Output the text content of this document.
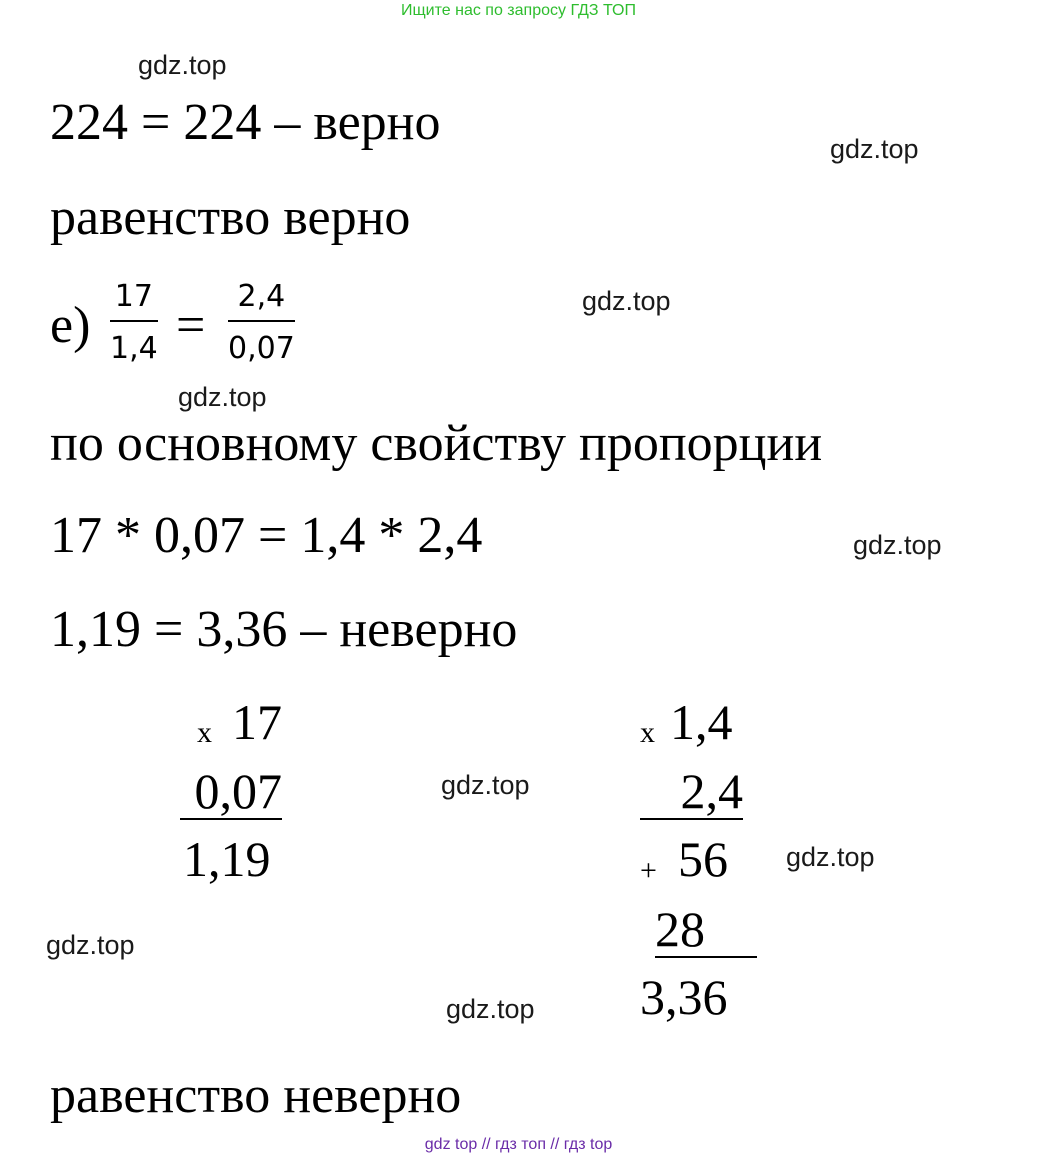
Ищите нас по запросу ГДЗ ТОП
gdz.top
gdz.top
gdz.top
gdz.top
gdz.top
gdz.top
gdz.top
gdz.top
gdz.top
224 = 224 – верно
равенство верно
е)
17
1,4 =
2,4
0,07
по основному свойству пропорции
17 * 0,07 = 1,4 * 2,4
1,19 = 3,36 – неверно
x 17
0,07
1,19
x 1,4
2,4
+ 56
28
3,36
равенство неверно
gdz top // гдз топ // гдз top
